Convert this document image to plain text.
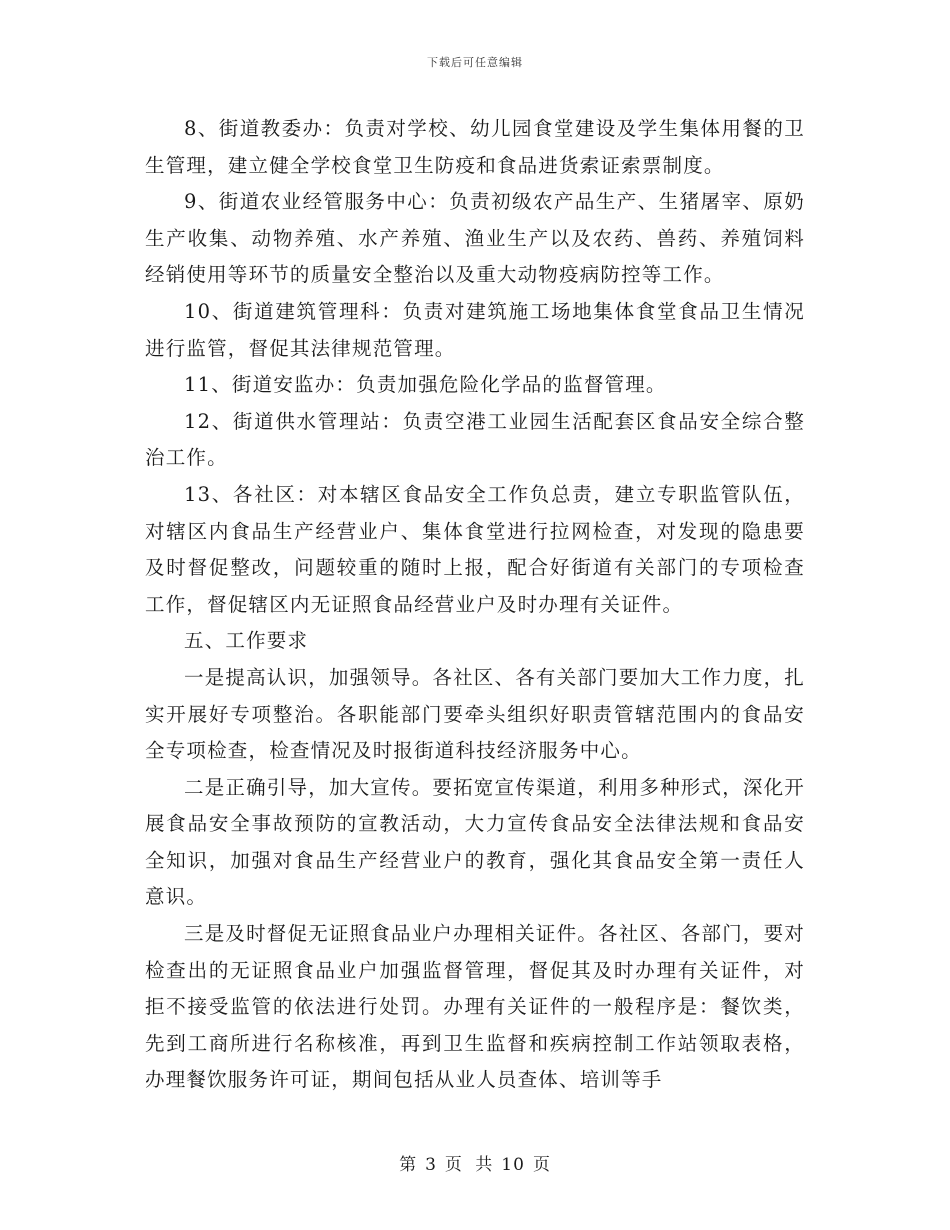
下载后可任意编辑

8、街道教委办：负责对学校、幼儿园食堂建设及学生集体用餐的卫生管理，建立健全学校食堂卫生防疫和食品进货索证索票制度。

9、街道农业经管服务中心：负责初级农产品生产、生猪屠宰、原奶生产收集、动物养殖、水产养殖、渔业生产以及农药、兽药、养殖饲料经销使用等环节的质量安全整治以及重大动物疫病防控等工作。

10、街道建筑管理科：负责对建筑施工场地集体食堂食品卫生情况进行监管，督促其法律规范管理。

11、街道安监办：负责加强危险化学品的监督管理。

12、街道供水管理站：负责空港工业园生活配套区食品安全综合整治工作。

13、各社区：对本辖区食品安全工作负总责，建立专职监管队伍，对辖区内食品生产经营业户、集体食堂进行拉网检查，对发现的隐患要及时督促整改，问题较重的随时上报，配合好街道有关部门的专项检查工作，督促辖区内无证照食品经营业户及时办理有关证件。

五、工作要求

一是提高认识，加强领导。各社区、各有关部门要加大工作力度，扎实开展好专项整治。各职能部门要牵头组织好职责管辖范围内的食品安全专项检查，检查情况及时报街道科技经济服务中心。

二是正确引导，加大宣传。要拓宽宣传渠道，利用多种形式，深化开展食品安全事故预防的宣教活动，大力宣传食品安全法律法规和食品安全知识，加强对食品生产经营业户的教育，强化其食品安全第一责任人意识。

三是及时督促无证照食品业户办理相关证件。各社区、各部门，要对检查出的无证照食品业户加强监督管理，督促其及时办理有关证件，对拒不接受监管的依法进行处罚。办理有关证件的一般程序是：餐饮类，先到工商所进行名称核准，再到卫生监督和疾病控制工作站领取表格，办理餐饮服务许可证，期间包括从业人员查体、培训等手

第 3 页 共 10 页
